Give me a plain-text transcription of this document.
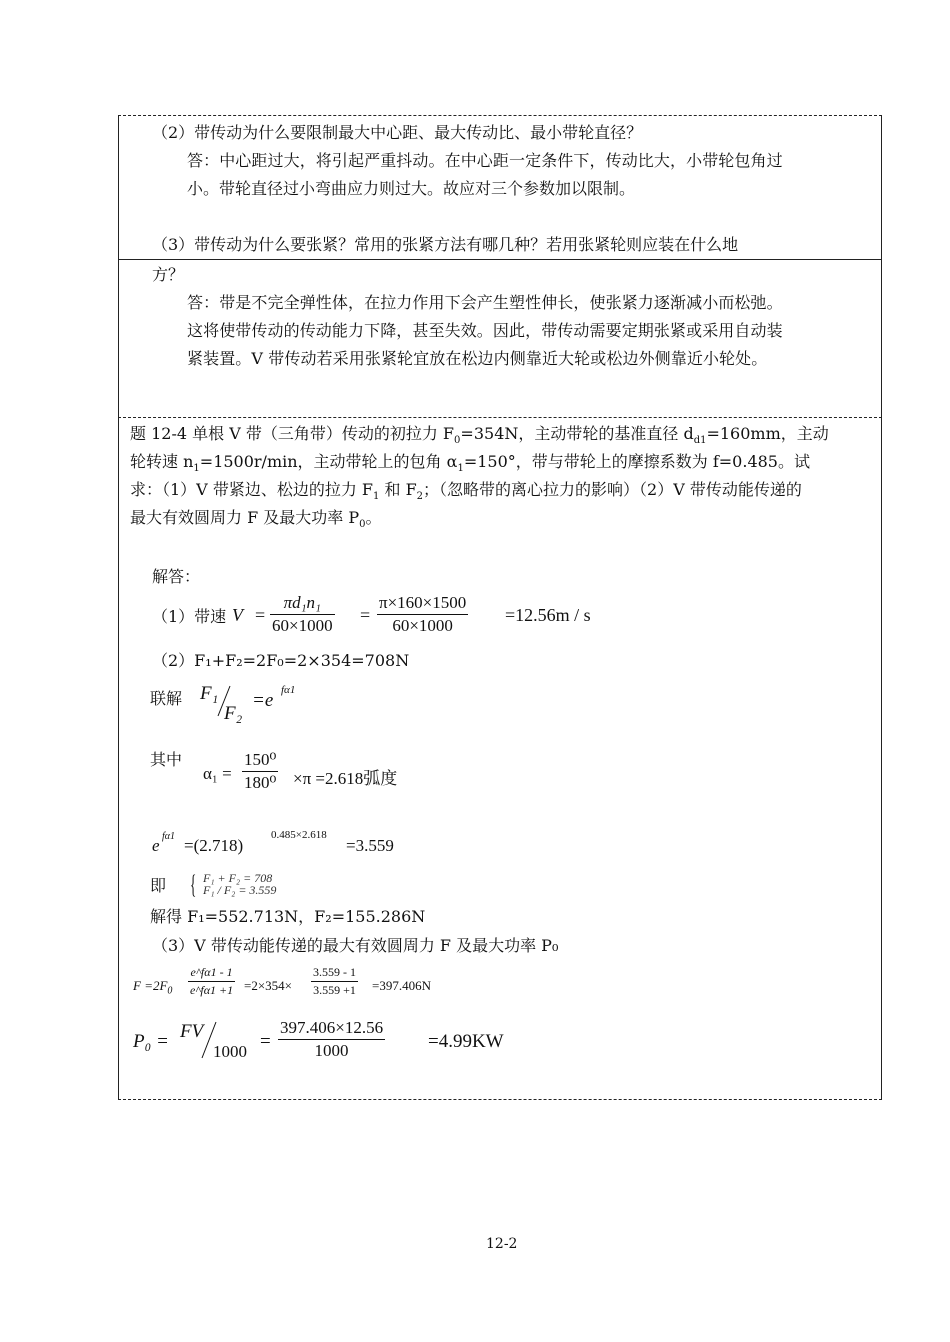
（2）带传动为什么要限制最大中心距、最大传动比、最小带轮直径？
答：中心距过大，将引起严重抖动。在中心距一定条件下，传动比大，小带轮包角过
小。带轮直径过小弯曲应力则过大。故应对三个参数加以限制。
（3）带传动为什么要张紧？常用的张紧方法有哪几种？若用张紧轮则应装在什么地
方？
答：带是不完全弹性体，在拉力作用下会产生塑性伸长，使张紧力逐渐减小而松弛。
这将使带传动的传动能力下降，甚至失效。因此，带传动需要定期张紧或采用自动装
紧装置。V 带传动若采用张紧轮宜放在松边内侧靠近大轮或松边外侧靠近小轮处。
题 12-4 单根 V 带（三角带）传动的初拉力 $F_0=354N$，主动带轮的基准直径 $d_{d1}=160mm$，主动
轮转速 $n_1=1500r/\min$，主动带轮上的包角 $\alpha_1=150^\circ$，带与带轮上的摩擦系数为 f=0.485。试
求：（1）V 带紧边、松边的拉力 $F_1$ 和 $F_2$；（忽略带的离心拉力的影响）（2）V 带传动能传递的
最大有效圆周力 F 及最大功率 $P_0$。
解答：
（1）带速 $V = \frac{\text{πd₁n₁}}{60\times 1000} = \frac{\pi\times 160\times 1500}{60\times 1000} =12.56m / s$
（2）F₁+F₂=2F₀=2×354=708N
联解 F₁
F₂
=e fα1
其中
$\alpha_1 = \frac{\text{150⁰}}{\text{180⁰}} \times\pi =2.618$弧度
e fα1 =(2.718)
0.485×2.618
=3.559
即 { F₁ + F₂ = 708
F₁ / F₂ = 3.559
解得 F₁=552.713N，F₂=155.286N
（3）V 带传动能传递的最大有效圆周力 F 及最大功率 P₀
$F =2F_0 \frac{e\^{}f\alpha 1 - 1}{e\^{}f\alpha 1 +1} =2\times 354\times \frac{3.559 - 1}{3.559 +1} =397.406N$
P₀ = FV
$1000 = \frac{397.406\times 12.56}{1000} =4.99KW$
12-2
